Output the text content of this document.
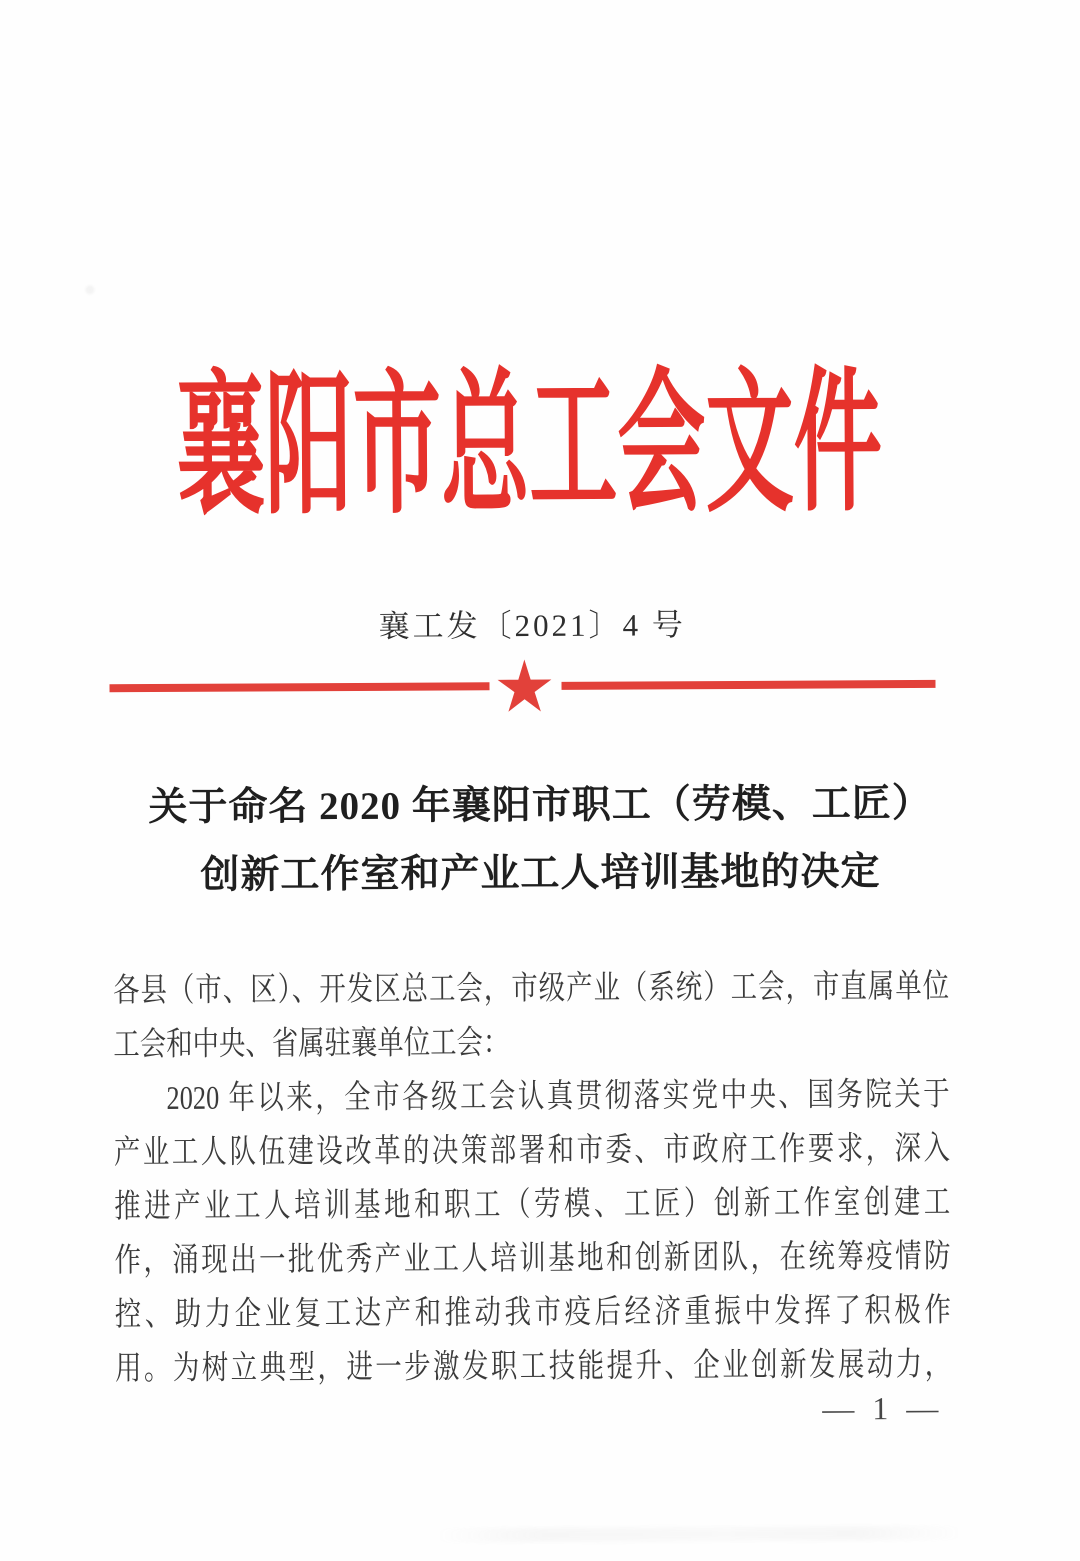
襄阳市总工会文件
襄工发〔2021〕4 号
关于命名 2020 年襄阳市职工（劳模、工匠）
创新工作室和产业工人培训基地的决定
各县（市、区）、开发区总工会，市级产业（系统）工会，市直属单位
工会和中央、省属驻襄单位工会：
2020 年以来，全市各级工会认真贯彻落实党中央、国务院关于
产业工人队伍建设改革的决策部署和市委、市政府工作要求，深入
推进产业工人培训基地和职工（劳模、工匠）创新工作室创建工
作，涌现出一批优秀产业工人培训基地和创新团队，在统筹疫情防
控、助力企业复工达产和推动我市疫后经济重振中发挥了积极作
用。为树立典型，进一步激发职工技能提升、企业创新发展动力，
— 1 —
